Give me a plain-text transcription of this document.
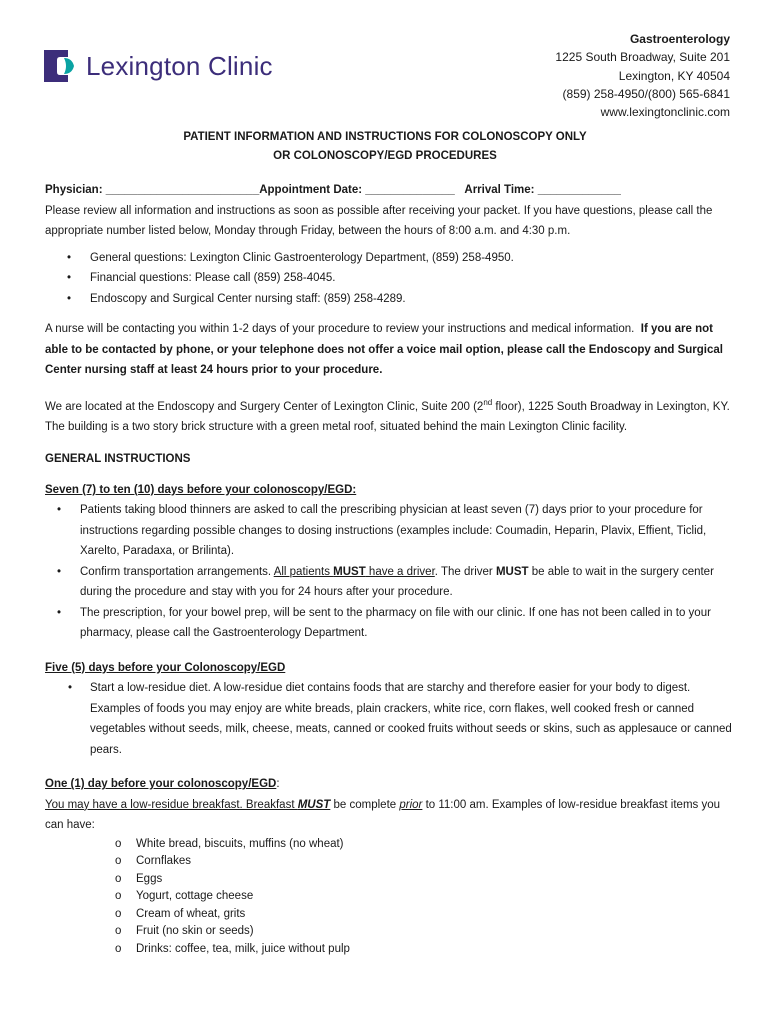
Lexington Clinic
Gastroenterology
1225 South Broadway, Suite 201
Lexington, KY 40504
(859) 258-4950/(800) 565-6841
www.lexingtonclinic.com
PATIENT INFORMATION AND INSTRUCTIONS FOR COLONOSCOPY ONLY
OR COLONOSCOPY/EGD PROCEDURES

Physician: ________________________Appointment Date: ______________ Arrival Time: _____________

Please review all information and instructions as soon as possible after receiving your packet. If you have questions, please call the appropriate number listed below, Monday through Friday, between the hours of 8:00 a.m. and 4:30 p.m.

• General questions: Lexington Clinic Gastroenterology Department, (859) 258-4950.
• Financial questions: Please call (859) 258-4045.
• Endoscopy and Surgical Center nursing staff: (859) 258-4289.

A nurse will be contacting you within 1-2 days of your procedure to review your instructions and medical information. If you are not able to be contacted by phone, or your telephone does not offer a voice mail option, please call the Endoscopy and Surgical Center nursing staff at least 24 hours prior to your procedure.

We are located at the Endoscopy and Surgery Center of Lexington Clinic, Suite 200 (2nd floor), 1225 South Broadway in Lexington, KY. The building is a two story brick structure with a green metal roof, situated behind the main Lexington Clinic facility.

GENERAL INSTRUCTIONS

Seven (7) to ten (10) days before your colonoscopy/EGD:

• Patients taking blood thinners are asked to call the prescribing physician at least seven (7) days prior to your procedure for instructions regarding possible changes to dosing instructions (examples include: Coumadin, Heparin, Plavix, Effient, Ticlid, Xarelto, Paradaxa, or Brilinta).
• Confirm transportation arrangements. All patients MUST have a driver. The driver MUST be able to wait in the surgery center during the procedure and stay with you for 24 hours after your procedure.
• The prescription, for your bowel prep, will be sent to the pharmacy on file with our clinic. If one has not been called in to your pharmacy, please call the Gastroenterology Department.

Five (5) days before your Colonoscopy/EGD

• Start a low-residue diet. A low-residue diet contains foods that are starchy and therefore easier for your body to digest. Examples of foods you may enjoy are white breads, plain crackers, white rice, corn flakes, well cooked fresh or canned vegetables without seeds, milk, cheese, meats, canned or cooked fruits without seeds or skins, such as applesauce or canned pears.

One (1) day before your colonoscopy/EGD:

You may have a low-residue breakfast. Breakfast MUST be complete prior to 11:00 am. Examples of low-residue breakfast items you can have:

o White bread, biscuits, muffins (no wheat)
o Cornflakes
o Eggs
o Yogurt, cottage cheese
o Cream of wheat, grits
o Fruit (no skin or seeds)
o Drinks: coffee, tea, milk, juice without pulp
